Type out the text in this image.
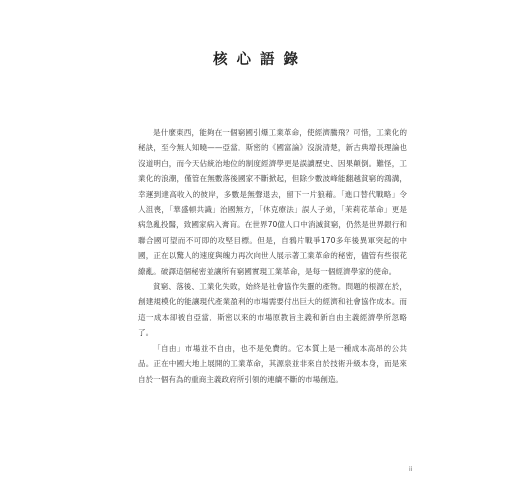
核心語錄

是什麼東西，能夠在一個窮國引爆工業革命，使經濟騰飛？可惜，工業化的秘訣，至今無人知曉——亞當．斯密的《國富論》沒說清楚，新古典增長理論也沒道明白，而今天佔統治地位的制度經濟學更是誤讀歷史、因果顛倒。難怪，工業化的浪潮，僅管在無數落後國家不斷掀起，但除少數波峰能翻越貧窮的鴻溝，幸運到達高收入的彼岸，多數是無聲退去，留下一片狼藉。「進口替代戰略」令人沮喪，「華盛頓共識」治國無方，「休克療法」誤人子弟，「茉莉花革命」更是病急亂投醫，致國家病入膏肓。在世界70億人口中消滅貧窮，仍然是世界銀行和聯合國可望而不可即的攻堅目標。但是，自鴉片戰爭170多年後異軍突起的中國，正在以驚人的速度與魄力再次向世人展示著工業革命的秘密，儘管有些很花繚亂。破譯這個秘密並讓所有窮國實現工業革命，是每一個經濟學家的使命。

貧窮、落後、工業化失敗，始終是社會協作失靈的產物。問題的根源在於，創建規模化的能讓現代產業盈利的市場需要付出巨大的經濟和社會協作成本。而這一成本卻被自亞當．斯密以來的市場原教旨主義和新自由主義經濟學所忽略了。

「自由」市場並不自由，也不是免費的。它本質上是一種成本高昂的公共品。正在中國大地上展開的工業革命，其源泉並非來自於技術升級本身，而是來自於一個有為的重商主義政府所引領的連續不斷的市場創造。

ii
